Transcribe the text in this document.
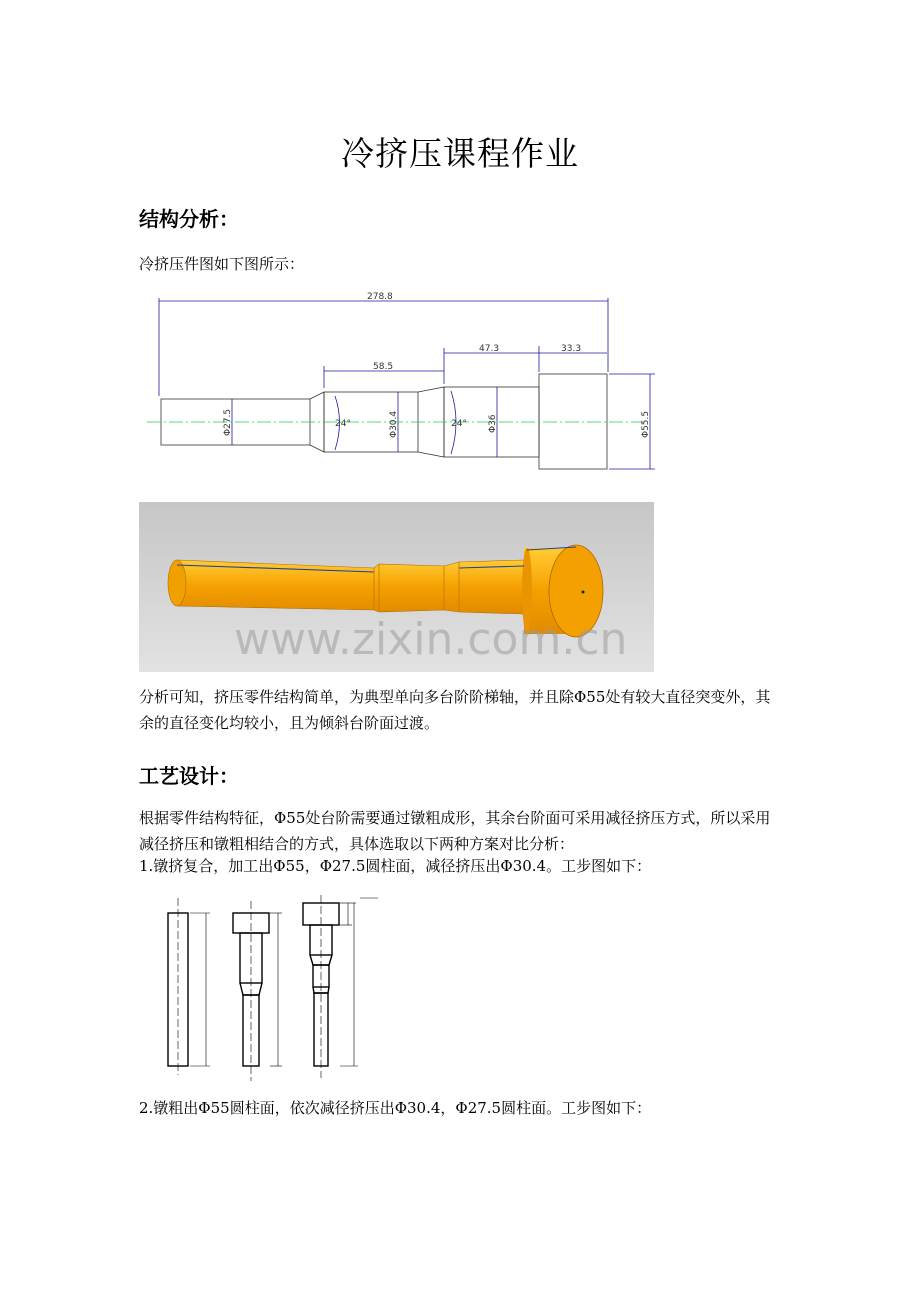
冷挤压课程作业
结构分析：
冷挤压件图如下图所示：
278.8
58.5
47.3	33.3
Φ27.5	Φ30.4	Φ36	Φ55.5
24°	24°
www.zixin.com.cn
分析可知，挤压零件结构简单，为典型单向多台阶阶梯轴，并且除Φ55处有较大直径突变外，其余的直径变化均较小，且为倾斜台阶面过渡。
工艺设计：
根据零件结构特征，Φ55处台阶需要通过镦粗成形，其余台阶面可采用减径挤压方式，所以采用减径挤压和镦粗相结合的方式，具体选取以下两种方案对比分析：
1.镦挤复合，加工出Φ55，Φ27.5圆柱面，减径挤压出Φ30.4。工步图如下：
2.镦粗出Φ55圆柱面，依次减径挤压出Φ30.4，Φ27.5圆柱面。工步图如下：
